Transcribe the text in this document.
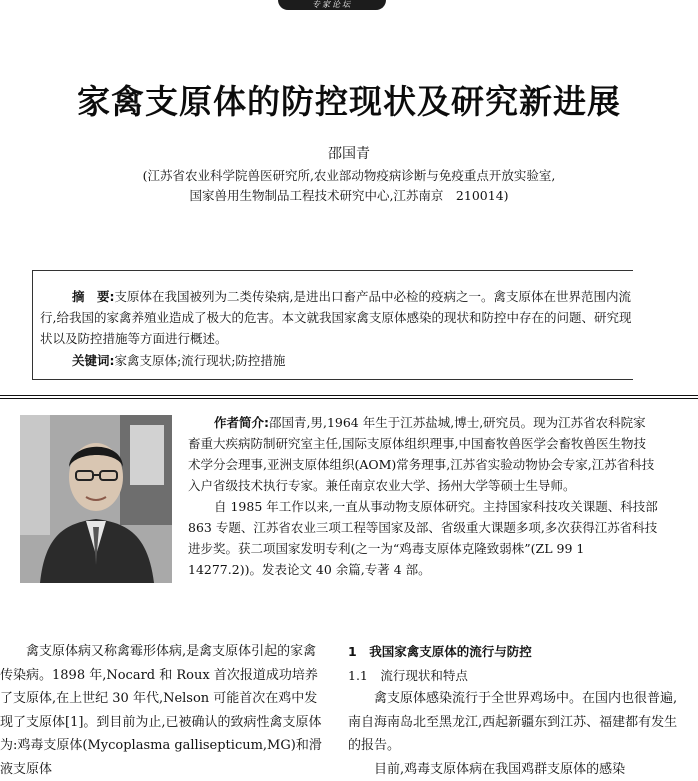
专家论坛
家禽支原体的防控现状及研究新进展
邵国青
(江苏省农业科学院兽医研究所,农业部动物疫病诊断与免疫重点开放实验室,
国家兽用生物制品工程技术研究中心,江苏南京　210014)
摘　要:支原体在我国被列为二类传染病,是进出口畜产品中必检的疫病之一。禽支原体在世界范围内流行,给我国的家禽养殖业造成了极大的危害。本文就我国家禽支原体感染的现状和防控中存在的问题、研究现状以及防控措施等方面进行概述。
关键词:家禽支原体;流行现状;防控措施

作者简介:邵国青,男,1964 年生于江苏盐城,博士,研究员。现为江苏省农科院家畜重大疾病防制研究室主任,国际支原体组织理事,中国畜牧兽医学会畜牧兽医生物技术学分会理事,亚洲支原体组织(AOM)常务理事,江苏省实验动物协会专家,江苏省科技入户省级技术执行专家。兼任南京农业大学、扬州大学等硕士生导师。

自 1985 年工作以来,一直从事动物支原体研究。主持国家科技攻关课题、科技部 863 专题、江苏省农业三项工程等国家及部、省级重大课题多项,多次获得江苏省科技进步奖。获二项国家发明专利(之一为“鸡毒支原体克隆致弱株”(ZL 99 1 14277.2))。发表论文 40 余篇,专著 4 部。

禽支原体病又称禽霉形体病,是禽支原体引起的家禽传染病。1898 年,Nocard 和 Roux 首次报道成功培养了支原体,在上世纪 30 年代,Nelson 可能首次在鸡中发现了支原体[1]。到目前为止,已被确认的致病性禽支原体为:鸡毒支原体(Mycoplasma gallisepticum,MG)和滑液支原体

1　我国家禽支原体的流行与防控
1.1　流行现状和特点

禽支原体感染流行于全世界鸡场中。在国内也很普遍,南自海南岛北至黑龙江,西起新疆东到江苏、福建都有发生的报告。

目前,鸡毒支原体病在我国鸡群支原体的感染
